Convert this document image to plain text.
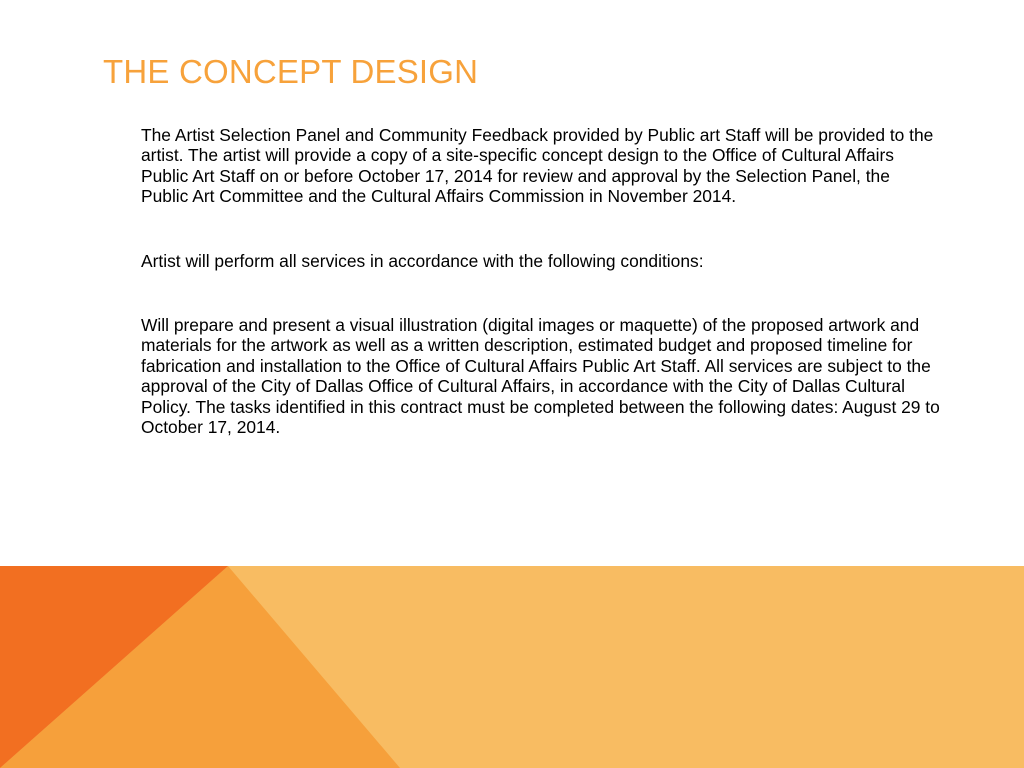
THE CONCEPT DESIGN

The Artist Selection Panel and Community Feedback provided by Public art Staff will be provided to the artist. The artist will provide a copy of a site-specific concept design to the Office of Cultural Affairs Public Art Staff on or before October 17, 2014 for review and approval by the Selection Panel, the Public Art Committee and the Cultural Affairs Commission in November 2014.

Artist will perform all services in accordance with the following conditions:

Will prepare and present a visual illustration (digital images or maquette) of the proposed artwork and materials for the artwork as well as a written description, estimated budget and proposed timeline for fabrication and installation to the Office of Cultural Affairs Public Art Staff. All services are subject to the approval of the City of Dallas Office of Cultural Affairs, in accordance with the City of Dallas Cultural Policy. The tasks identified in this contract must be completed between the following dates: August 29 to October 17, 2014.
